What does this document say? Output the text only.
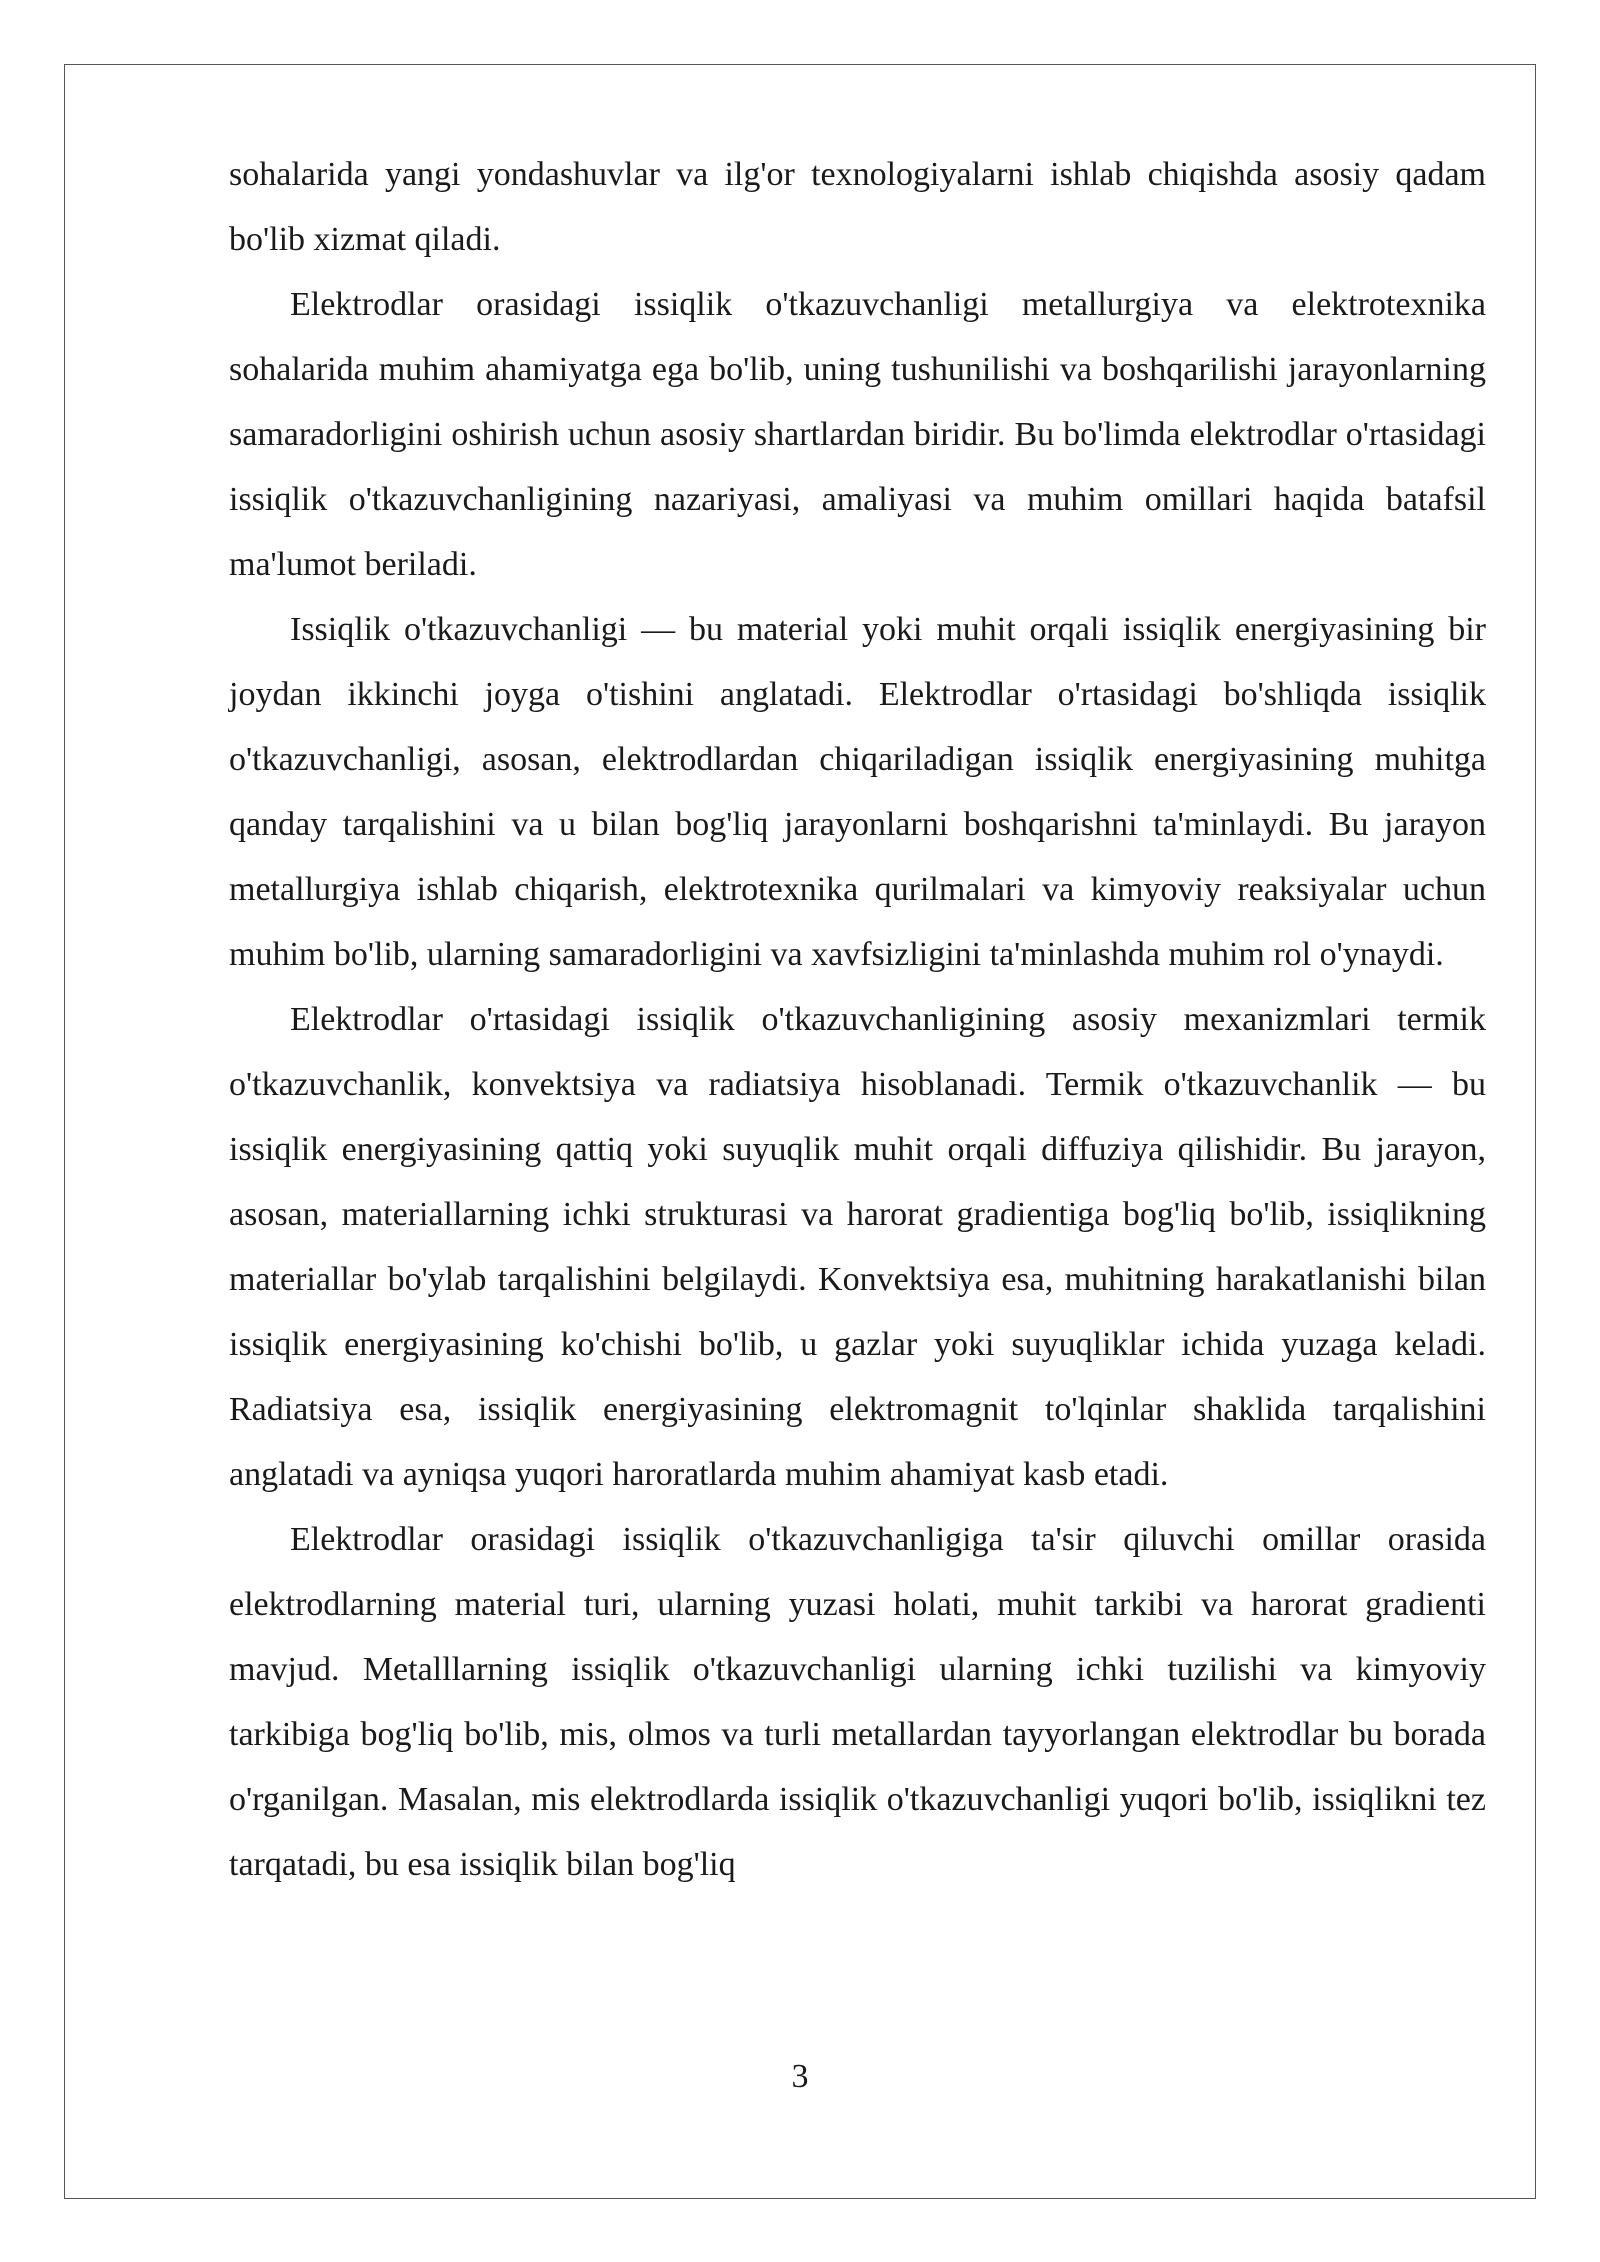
sohalarida yangi yondashuvlar va ilg'or texnologiyalarni ishlab chiqishda asosiy qadam bo'lib xizmat qiladi.

Elektrodlar orasidagi issiqlik o'tkazuvchanligi metallurgiya va elektrotexnika sohalarida muhim ahamiyatga ega bo'lib, uning tushunilishi va boshqarilishi jarayonlarning samaradorligini oshirish uchun asosiy shartlardan biridir. Bu bo'limda elektrodlar o'rtasidagi issiqlik o'tkazuvchanligining nazariyasi, amaliyasi va muhim omillari haqida batafsil ma'lumot beriladi.

Issiqlik o'tkazuvchanligi — bu material yoki muhit orqali issiqlik energiyasining bir joydan ikkinchi joyga o'tishini anglatadi. Elektrodlar o'rtasidagi bo'shliqda issiqlik o'tkazuvchanligi, asosan, elektrodlardan chiqariladigan issiqlik energiyasining muhitga qanday tarqalishini va u bilan bog'liq jarayonlarni boshqarishni ta'minlaydi. Bu jarayon metallurgiya ishlab chiqarish, elektrotexnika qurilmalari va kimyoviy reaksiyalar uchun muhim bo'lib, ularning samaradorligini va xavfsizligini ta'minlashda muhim rol o'ynaydi.

Elektrodlar o'rtasidagi issiqlik o'tkazuvchanligining asosiy mexanizmlari termik o'tkazuvchanlik, konvektsiya va radiatsiya hisoblanadi. Termik o'tkazuvchanlik — bu issiqlik energiyasining qattiq yoki suyuqlik muhit orqali diffuziya qilishidir. Bu jarayon, asosan, materiallarning ichki strukturasi va harorat gradientiga bog'liq bo'lib, issiqlikning materiallar bo'ylab tarqalishini belgilaydi. Konvektsiya esa, muhitning harakatlanishi bilan issiqlik energiyasining ko'chishi bo'lib, u gazlar yoki suyuqliklar ichida yuzaga keladi. Radiatsiya esa, issiqlik energiyasining elektromagnit to'lqinlar shaklida tarqalishini anglatadi va ayniqsa yuqori haroratlarda muhim ahamiyat kasb etadi.

Elektrodlar orasidagi issiqlik o'tkazuvchanligiga ta'sir qiluvchi omillar orasida elektrodlarning material turi, ularning yuzasi holati, muhit tarkibi va harorat gradienti mavjud. Metalllarning issiqlik o'tkazuvchanligi ularning ichki tuzilishi va kimyoviy tarkibiga bog'liq bo'lib, mis, olmos va turli metallardan tayyorlangan elektrodlar bu borada o'rganilgan. Masalan, mis elektrodlarda issiqlik o'tkazuvchanligi yuqori bo'lib, issiqlikni tez tarqatadi, bu esa issiqlik bilan bog'liq

3
